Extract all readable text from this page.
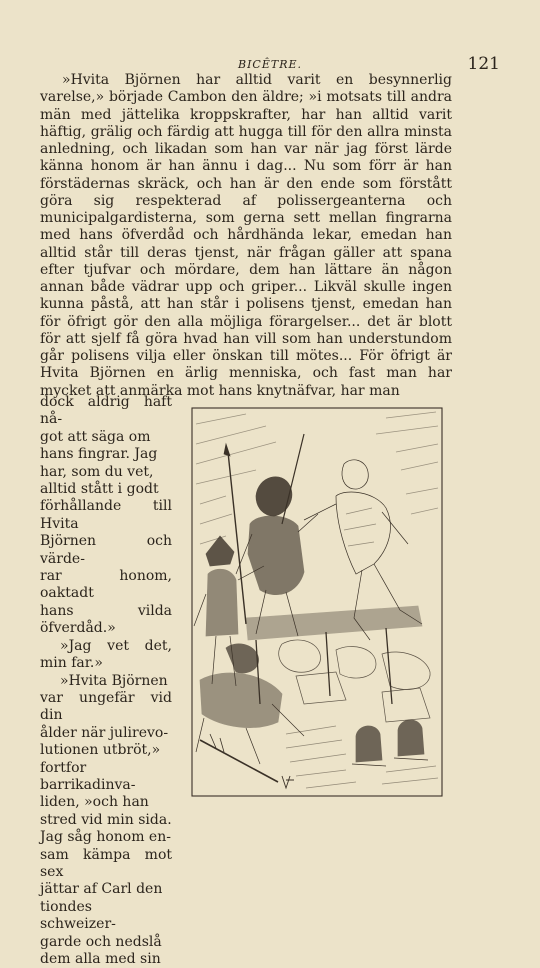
BICÊTRE.	121

»Hvita Björnen har alltid varit en besynnerlig varelse,» började Cambon den äldre; »i motsats till andra män med jättelika kroppskrafter, har han alltid varit häftig, grälig och färdig att hugga till för den allra minsta anledning, och likadan som han var när jag först lärde känna honom är han ännu i dag... Nu som förr är han förstädernas skräck, och han är den ende som förstått göra sig respekterad af polissergeanterna och municipalgardisterna, som gerna sett mellan fingrarna med hans öfverdåd och hårdhända lekar, emedan han alltid står till deras tjenst, när frågan gäller att spana efter tjufvar och mördare, dem han lättare än någon annan både vädrar upp och griper... Likväl skulle ingen kunna påstå, att han står i polisens tjenst, emedan han för öfrigt gör den alla möjliga förargelser... det är blott för att sjelf få göra hvad han vill som han understundom går polisens vilja eller önskan till mötes... För öfrigt är Hvita Björnen en ärlig menniska, och fast man har mycket att anmärka mot hans knytnäfvar, har man

dock aldrig haft nå-
got att säga om
hans fingrar. Jag
har, som du vet,
alltid stått i godt
förhållande till Hvita
Björnen och värde-
rar honom, oaktadt
hans vilda öfverdåd.»
»Jag vet det, min far.»
»Hvita Björnen
var ungefär vid din
ålder när julirevo-
lutionen utbröt,»
fortfor barrikadinva-
liden, »och han
stred vid min sida.
Jag såg honom en-
sam kämpa mot sex
jättar af Carl den
tiondes schweizer-
garde och nedslå
dem alla med sin
